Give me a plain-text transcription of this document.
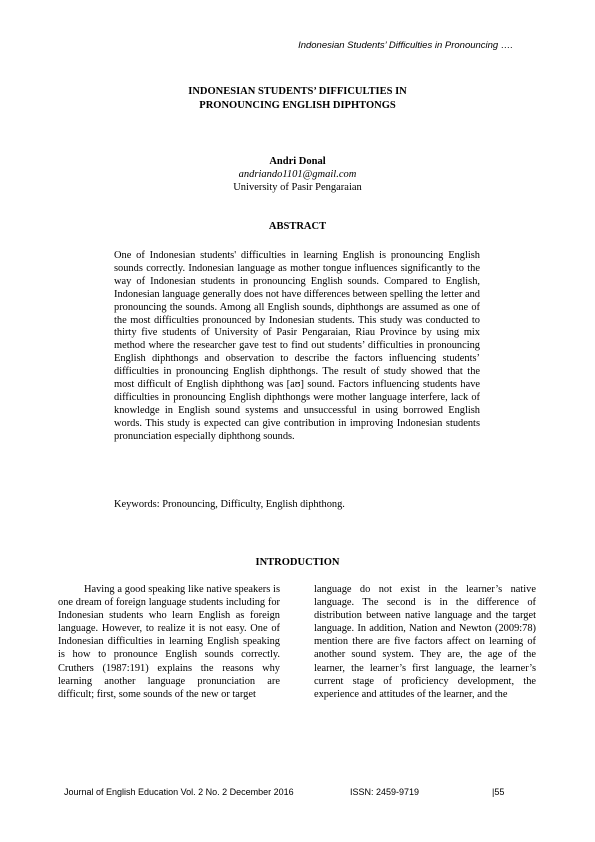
Indonesian Students’ Difficulties in Pronouncing ….
INDONESIAN STUDENTS’ DIFFICULTIES IN
PRONOUNCING ENGLISH DIPHTONGS
Andri Donal
andriando1101@gmail.com
University of Pasir Pengaraian
ABSTRACT

One of Indonesian students' difficulties in learning English is pronouncing English sounds correctly. Indonesian language as mother tongue influences significantly to the way of Indonesian students in pronouncing English sounds. Compared to English, Indonesian language generally does not have differences between spelling the letter and pronouncing the sounds. Among all English sounds, diphthongs are assumed as one of the most difficulties pronounced by Indonesian students. This study was conducted to thirty five students of University of Pasir Pengaraian, Riau Province by using mix method where the researcher gave test to find out students’ difficulties in pronouncing English diphthongs and observation to describe the factors influencing students’ difficulties in pronouncing English diphthongs. The result of study showed that the most difficult of English diphthong was [aʊ] sound. Factors influencing students have difficulties in pronouncing English diphthongs were mother language interfere, lack of knowledge in English sound systems and unsuccessful in using borrowed English words. This study is expected can give contribution in improving Indonesian students pronunciation especially diphthong sounds.

Keywords: Pronouncing, Difficulty, English diphthong.
INTRODUCTION

Having a good speaking like native speakers is one dream of foreign language students including for Indonesian students who learn English as foreign language. However, to realize it is not easy. One of Indonesian difficulties in learning English speaking is how to pronounce English sounds correctly. Cruthers (1987:191) explains the reasons why learning another language pronunciation are difficult; first, some sounds of the new or target

language do not exist in the learner’s native language. The second is in the difference of distribution between native language and the target language. In addition, Nation and Newton (2009:78) mention there are five factors affect on learning of another sound system. They are, the age of the learner, the learner’s first language, the learner’s current stage of proficiency development, the experience and attitudes of the learner, and the

Journal of English Education Vol. 2 No. 2 December 2016	ISSN: 2459-9719	|55
